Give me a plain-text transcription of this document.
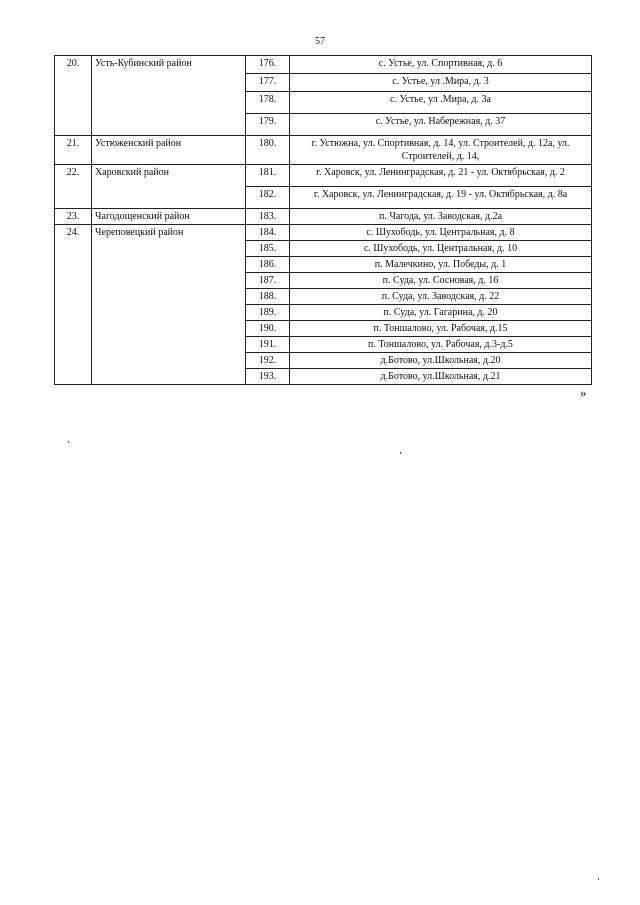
57
20.	Усть-Кубинский район	176.	с. Устье, ул. Спортивная, д. 6
		177.	с. Устье, ул .Мира, д. 3
		178.	с. Устье, ул .Мира, д. 3а
		179.	с. Устье, ул. Набережная, д. 37
21.	Устюженский район	180.	г. Устюжна, ул. Спортивная, д. 14, ул. Строителей, д. 12а, ул. Строителей, д. 14,
22.	Харовский район	181.	г. Харовск, ул. Ленинградская, д. 21 - ул. Октябрьская, д. 2
		182.	г. Харовск, ул. Ленинградская, д. 19 - ул. Октябрьская, д. 8а
23.	Чагодощенский район	183.	п. Чагода, ул. Заводская, д.2а
24.	Череповецкий район	184.	с. Шухободь, ул. Центральная, д. 8
		185.	с. Шухободь, ул. Центральная, д. 10
		186.	п. Малечкино, ул. Победы, д. 1
		187.	п. Суда, ул. Сосновая, д. 16
		188.	п. Суда, ул. Заводская, д. 22
		189.	п. Суда, ул. Гагарина, д. 20
		190.	п. Тоншалово, ул. Рабочая, д.15
		191.	п. Тоншалово, ул. Рабочая, д.3-д.5
		192.	д.Ботово, ул.Школьная, д.20
		193.	д.Ботово, ул.Школьная, д.21
»
